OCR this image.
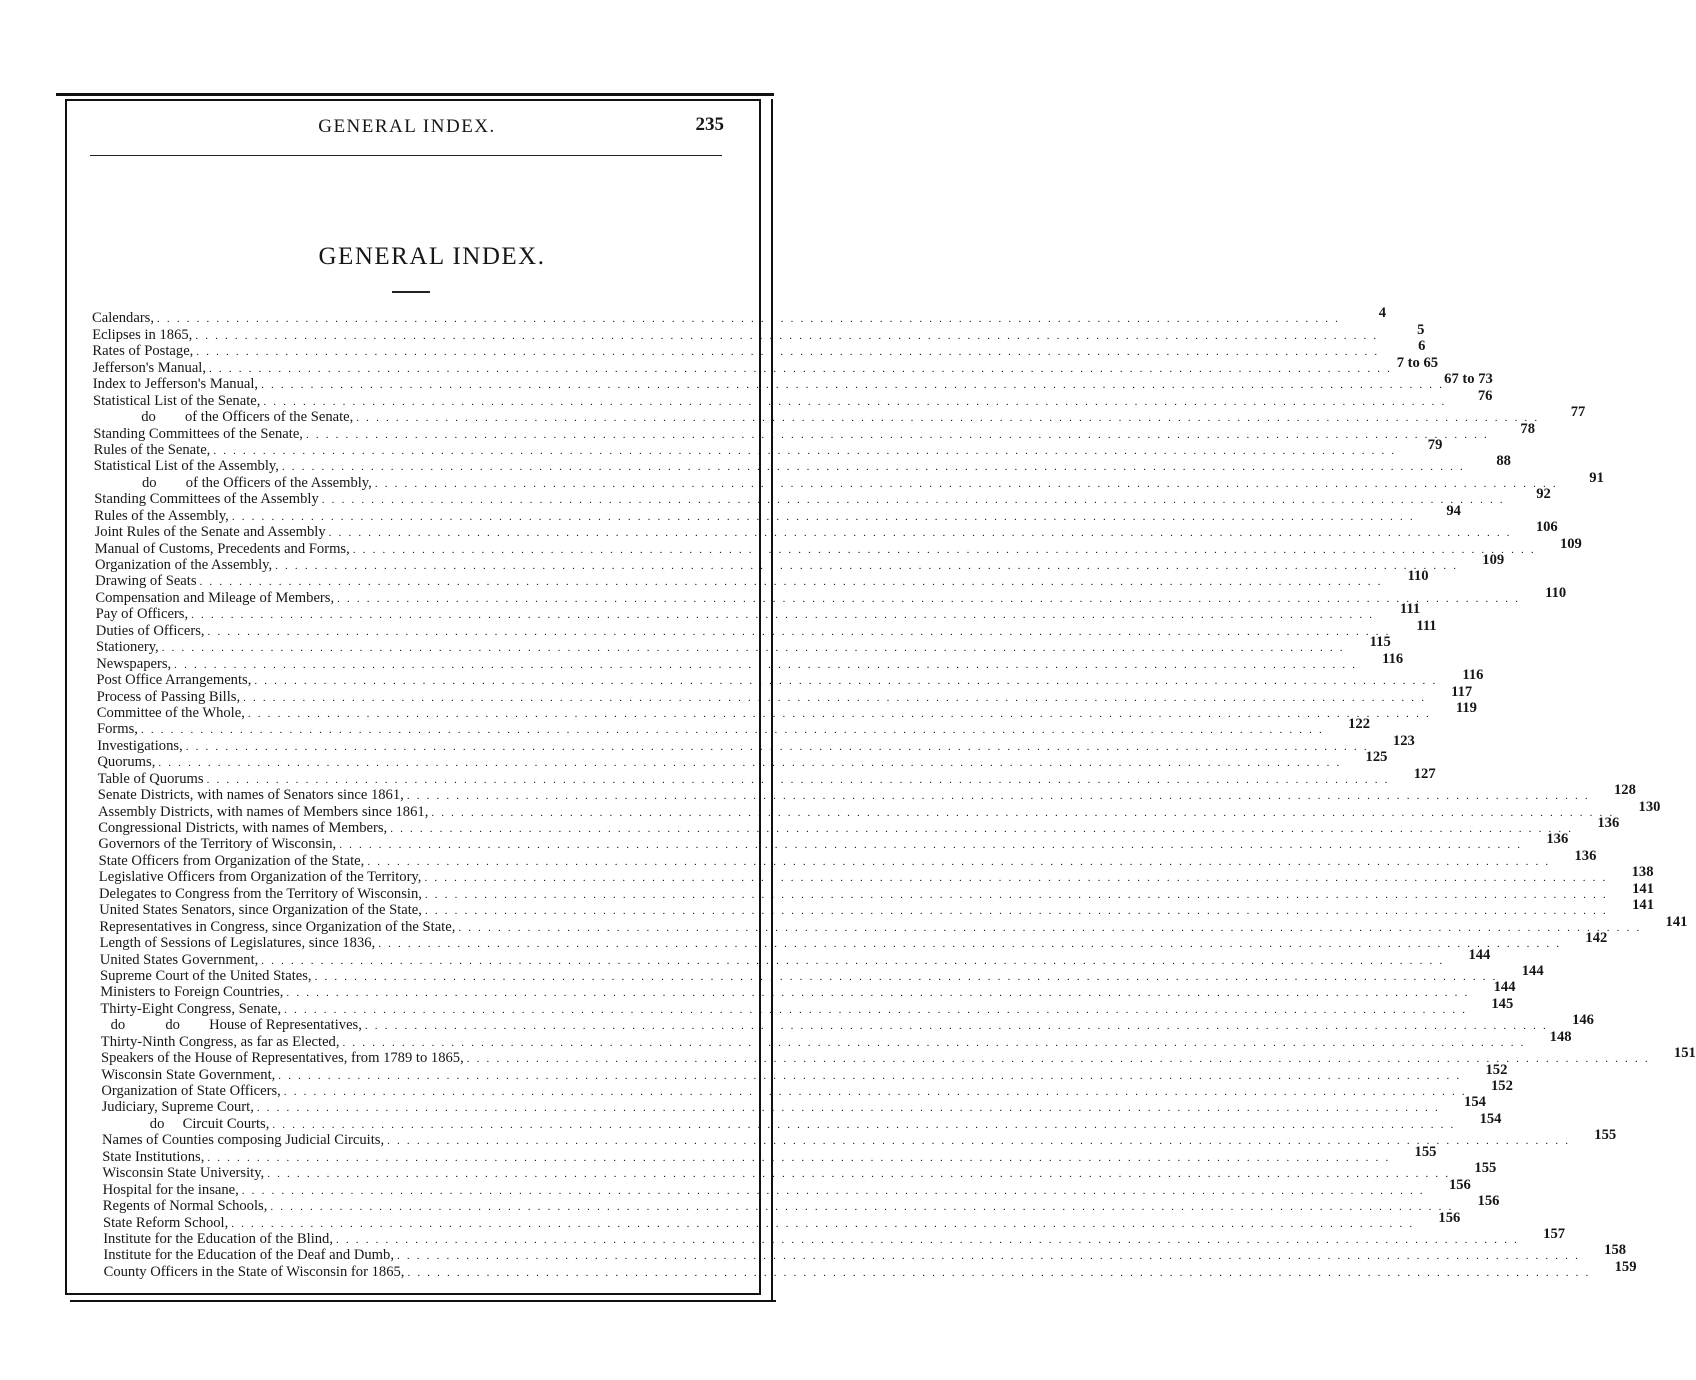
GENERAL INDEX.	235
GENERAL INDEX.
Calendars, . . . . . . . . . . . . . . . . . . . . . . . . . . . . . . . . . . . . . . . . . . . . . . . . . . . . . . . . . . . . . . . . . . . . . . . . . . . . . . . . . . . . . . . . . . . . . . . . . . . . . . . . . . . . . . . . . . . . . . . .	4
Eclipses in 1865, . . . . . . . . . . . . . . . . . . . . . . . . . . . . . . . . . . . . . . . . . . . . . . . . . . . . . . . . . . . . . . . . . . . . . . . . . . . . . . . . . . . . . . . . . . . . . . . . . . . . . . . . . . . . . . . . . . . . . . . .	5
Rates of Postage, . . . . . . . . . . . . . . . . . . . . . . . . . . . . . . . . . . . . . . . . . . . . . . . . . . . . . . . . . . . . . . . . . . . . . . . . . . . . . . . . . . . . . . . . . . . . . . . . . . . . . . . . . . . . . . . . . . . . . . . .	6
Jefferson's Manual, . . . . . . . . . . . . . . . . . . . . . . . . . . . . . . . . . . . . . . . . . . . . . . . . . . . . . . . . . . . . . . . . . . . . . . . . . . . . . . . . . . . . . . . . . . . . . . . . . . . . . . . . . . . . . . . . . . . . . . . . 7 to 65
Index to Jefferson's Manual, . . . . . . . . . . . . . . . . . . . . . . . . . . . . . . . . . . . . . . . . . . . . . . . . . . . . . . . . . . . . . . . . . . . . . . . . . . . . . . . . . . . . . . . . . . . . . . . . . . . . . . . . . . . . . . . . . . . . . . . . 67 to 73
Statistical List of the Senate, . . . . . . . . . . . . . . . . . . . . . . . . . . . . . . . . . . . . . . . . . . . . . . . . . . . . . . . . . . . . . . . . . . . . . . . . . . . . . . . . . . . . . . . . . . . . . . . . . . . . . . . . . . . . . . . . . . . . . . . .	76
do        of the Officers of the Senate, . . . . . . . . . . . . . . . . . . . . . . . . . . . . . . . . . . . . . . . . . . . . . . . . . . . . . . . . . . . . . . . . . . . . . . . . . . . . . . . . . . . . . . . . . . . . . . . . . . . . . . . . . . . . . . . . . . . . . . . .	77
Standing Committees of the Senate, . . . . . . . . . . . . . . . . . . . . . . . . . . . . . . . . . . . . . . . . . . . . . . . . . . . . . . . . . . . . . . . . . . . . . . . . . . . . . . . . . . . . . . . . . . . . . . . . . . . . . . . . . . . . . . . . . . . . . . . .	78
Rules of the Senate, . . . . . . . . . . . . . . . . . . . . . . . . . . . . . . . . . . . . . . . . . . . . . . . . . . . . . . . . . . . . . . . . . . . . . . . . . . . . . . . . . . . . . . . . . . . . . . . . . . . . . . . . . . . . . . . . . . . . . . . .	79
Statistical List of the Assembly, . . . . . . . . . . . . . . . . . . . . . . . . . . . . . . . . . . . . . . . . . . . . . . . . . . . . . . . . . . . . . . . . . . . . . . . . . . . . . . . . . . . . . . . . . . . . . . . . . . . . . . . . . . . . . . . . . . . . . . . .	88
do        of the Officers of the Assembly, . . . . . . . . . . . . . . . . . . . . . . . . . . . . . . . . . . . . . . . . . . . . . . . . . . . . . . . . . . . . . . . . . . . . . . . . . . . . . . . . . . . . . . . . . . . . . . . . . . . . . . . . . . . . . . . . . . . . . . . .	91
Standing Committees of the Assembly . . . . . . . . . . . . . . . . . . . . . . . . . . . . . . . . . . . . . . . . . . . . . . . . . . . . . . . . . . . . . . . . . . . . . . . . . . . . . . . . . . . . . . . . . . . . . . . . . . . . . . . . . . . . . . . . . . . . . . . .	92
Rules of the Assembly, . . . . . . . . . . . . . . . . . . . . . . . . . . . . . . . . . . . . . . . . . . . . . . . . . . . . . . . . . . . . . . . . . . . . . . . . . . . . . . . . . . . . . . . . . . . . . . . . . . . . . . . . . . . . . . . . . . . . . . . .	94
Joint Rules of the Senate and Assembly . . . . . . . . . . . . . . . . . . . . . . . . . . . . . . . . . . . . . . . . . . . . . . . . . . . . . . . . . . . . . . . . . . . . . . . . . . . . . . . . . . . . . . . . . . . . . . . . . . . . . . . . . . . . . . . . . . . . . . . .	106
Manual of Customs, Precedents and Forms, . . . . . . . . . . . . . . . . . . . . . . . . . . . . . . . . . . . . . . . . . . . . . . . . . . . . . . . . . . . . . . . . . . . . . . . . . . . . . . . . . . . . . . . . . . . . . . . . . . . . . . . . . . . . . . . . . . . . . . . .	109
Organization of the Assembly, . . . . . . . . . . . . . . . . . . . . . . . . . . . . . . . . . . . . . . . . . . . . . . . . . . . . . . . . . . . . . . . . . . . . . . . . . . . . . . . . . . . . . . . . . . . . . . . . . . . . . . . . . . . . . . . . . . . . . . . .	109
Drawing of Seats . . . . . . . . . . . . . . . . . . . . . . . . . . . . . . . . . . . . . . . . . . . . . . . . . . . . . . . . . . . . . . . . . . . . . . . . . . . . . . . . . . . . . . . . . . . . . . . . . . . . . . . . . . . . . . . . . . . . . . . .	110
Compensation and Mileage of Members, . . . . . . . . . . . . . . . . . . . . . . . . . . . . . . . . . . . . . . . . . . . . . . . . . . . . . . . . . . . . . . . . . . . . . . . . . . . . . . . . . . . . . . . . . . . . . . . . . . . . . . . . . . . . . . . . . . . . . . . .	110
Pay of Officers, . . . . . . . . . . . . . . . . . . . . . . . . . . . . . . . . . . . . . . . . . . . . . . . . . . . . . . . . . . . . . . . . . . . . . . . . . . . . . . . . . . . . . . . . . . . . . . . . . . . . . . . . . . . . . . . . . . . . . . . .	111
Duties of Officers, . . . . . . . . . . . . . . . . . . . . . . . . . . . . . . . . . . . . . . . . . . . . . . . . . . . . . . . . . . . . . . . . . . . . . . . . . . . . . . . . . . . . . . . . . . . . . . . . . . . . . . . . . . . . . . . . . . . . . . . .	111
Stationery, . . . . . . . . . . . . . . . . . . . . . . . . . . . . . . . . . . . . . . . . . . . . . . . . . . . . . . . . . . . . . . . . . . . . . . . . . . . . . . . . . . . . . . . . . . . . . . . . . . . . . . . . . . . . . . . . . . . . . . . .	115
Newspapers, . . . . . . . . . . . . . . . . . . . . . . . . . . . . . . . . . . . . . . . . . . . . . . . . . . . . . . . . . . . . . . . . . . . . . . . . . . . . . . . . . . . . . . . . . . . . . . . . . . . . . . . . . . . . . . . . . . . . . . . .	116
Post Office Arrangements, . . . . . . . . . . . . . . . . . . . . . . . . . . . . . . . . . . . . . . . . . . . . . . . . . . . . . . . . . . . . . . . . . . . . . . . . . . . . . . . . . . . . . . . . . . . . . . . . . . . . . . . . . . . . . . . . . . . . . . . .	116
Process of Passing Bills, . . . . . . . . . . . . . . . . . . . . . . . . . . . . . . . . . . . . . . . . . . . . . . . . . . . . . . . . . . . . . . . . . . . . . . . . . . . . . . . . . . . . . . . . . . . . . . . . . . . . . . . . . . . . . . . . . . . . . . . .	117
Committee of the Whole, . . . . . . . . . . . . . . . . . . . . . . . . . . . . . . . . . . . . . . . . . . . . . . . . . . . . . . . . . . . . . . . . . . . . . . . . . . . . . . . . . . . . . . . . . . . . . . . . . . . . . . . . . . . . . . . . . . . . . . . .	119
Forms, . . . . . . . . . . . . . . . . . . . . . . . . . . . . . . . . . . . . . . . . . . . . . . . . . . . . . . . . . . . . . . . . . . . . . . . . . . . . . . . . . . . . . . . . . . . . . . . . . . . . . . . . . . . . . . . . . . . . . . . .	122
Investigations, . . . . . . . . . . . . . . . . . . . . . . . . . . . . . . . . . . . . . . . . . . . . . . . . . . . . . . . . . . . . . . . . . . . . . . . . . . . . . . . . . . . . . . . . . . . . . . . . . . . . . . . . . . . . . . . . . . . . . . . .	123
Quorums, . . . . . . . . . . . . . . . . . . . . . . . . . . . . . . . . . . . . . . . . . . . . . . . . . . . . . . . . . . . . . . . . . . . . . . . . . . . . . . . . . . . . . . . . . . . . . . . . . . . . . . . . . . . . . . . . . . . . . . . .	125
Table of Quorums . . . . . . . . . . . . . . . . . . . . . . . . . . . . . . . . . . . . . . . . . . . . . . . . . . . . . . . . . . . . . . . . . . . . . . . . . . . . . . . . . . . . . . . . . . . . . . . . . . . . . . . . . . . . . . . . . . . . . . . .	127
Senate Districts, with names of Senators since 1861, . . . . . . . . . . . . . . . . . . . . . . . . . . . . . . . . . . . . . . . . . . . . . . . . . . . . . . . . . . . . . . . . . . . . . . . . . . . . . . . . . . . . . . . . . . . . . . . . . . . . . . . . . . . . . . . . . . . . . . . .	128
Assembly Districts, with names of Members since 1861, . . . . . . . . . . . . . . . . . . . . . . . . . . . . . . . . . . . . . . . . . . . . . . . . . . . . . . . . . . . . . . . . . . . . . . . . . . . . . . . . . . . . . . . . . . . . . . . . . . . . . . . . . . . . . . . . . . . . . . . .	130
Congressional Districts, with names of Members, . . . . . . . . . . . . . . . . . . . . . . . . . . . . . . . . . . . . . . . . . . . . . . . . . . . . . . . . . . . . . . . . . . . . . . . . . . . . . . . . . . . . . . . . . . . . . . . . . . . . . . . . . . . . . . . . . . . . . . . .	136
Governors of the Territory of Wisconsin, . . . . . . . . . . . . . . . . . . . . . . . . . . . . . . . . . . . . . . . . . . . . . . . . . . . . . . . . . . . . . . . . . . . . . . . . . . . . . . . . . . . . . . . . . . . . . . . . . . . . . . . . . . . . . . . . . . . . . . . .	136
State Officers from Organization of the State, . . . . . . . . . . . . . . . . . . . . . . . . . . . . . . . . . . . . . . . . . . . . . . . . . . . . . . . . . . . . . . . . . . . . . . . . . . . . . . . . . . . . . . . . . . . . . . . . . . . . . . . . . . . . . . . . . . . . . . . .	136
Legislative Officers from Organization of the Territory, . . . . . . . . . . . . . . . . . . . . . . . . . . . . . . . . . . . . . . . . . . . . . . . . . . . . . . . . . . . . . . . . . . . . . . . . . . . . . . . . . . . . . . . . . . . . . . . . . . . . . . . . . . . . . . . . . . . . . . . .	138
Delegates to Congress from the Territory of Wisconsin, . . . . . . . . . . . . . . . . . . . . . . . . . . . . . . . . . . . . . . . . . . . . . . . . . . . . . . . . . . . . . . . . . . . . . . . . . . . . . . . . . . . . . . . . . . . . . . . . . . . . . . . . . . . . . . . . . . . . . . . .	141
United States Senators, since Organization of the State, . . . . . . . . . . . . . . . . . . . . . . . . . . . . . . . . . . . . . . . . . . . . . . . . . . . . . . . . . . . . . . . . . . . . . . . . . . . . . . . . . . . . . . . . . . . . . . . . . . . . . . . . . . . . . . . . . . . . . . . .	141
Representatives in Congress, since Organization of the State, . . . . . . . . . . . . . . . . . . . . . . . . . . . . . . . . . . . . . . . . . . . . . . . . . . . . . . . . . . . . . . . . . . . . . . . . . . . . . . . . . . . . . . . . . . . . . . . . . . . . . . . . . . . . . . . . . . . . . . . .	141
Length of Sessions of Legislatures, since 1836, . . . . . . . . . . . . . . . . . . . . . . . . . . . . . . . . . . . . . . . . . . . . . . . . . . . . . . . . . . . . . . . . . . . . . . . . . . . . . . . . . . . . . . . . . . . . . . . . . . . . . . . . . . . . . . . . . . . . . . . .	142
United States Government, . . . . . . . . . . . . . . . . . . . . . . . . . . . . . . . . . . . . . . . . . . . . . . . . . . . . . . . . . . . . . . . . . . . . . . . . . . . . . . . . . . . . . . . . . . . . . . . . . . . . . . . . . . . . . . . . . . . . . . . .	144
Supreme Court of the United States, . . . . . . . . . . . . . . . . . . . . . . . . . . . . . . . . . . . . . . . . . . . . . . . . . . . . . . . . . . . . . . . . . . . . . . . . . . . . . . . . . . . . . . . . . . . . . . . . . . . . . . . . . . . . . . . . . . . . . . . .	144
Ministers to Foreign Countries, . . . . . . . . . . . . . . . . . . . . . . . . . . . . . . . . . . . . . . . . . . . . . . . . . . . . . . . . . . . . . . . . . . . . . . . . . . . . . . . . . . . . . . . . . . . . . . . . . . . . . . . . . . . . . . . . . . . . . . . .	144
Thirty-Eight Congress, Senate, . . . . . . . . . . . . . . . . . . . . . . . . . . . . . . . . . . . . . . . . . . . . . . . . . . . . . . . . . . . . . . . . . . . . . . . . . . . . . . . . . . . . . . . . . . . . . . . . . . . . . . . . . . . . . . . . . . . . . . . .	145
do           do        House of Representatives, . . . . . . . . . . . . . . . . . . . . . . . . . . . . . . . . . . . . . . . . . . . . . . . . . . . . . . . . . . . . . . . . . . . . . . . . . . . . . . . . . . . . . . . . . . . . . . . . . . . . . . . . . . . . . . . . . . . . . . . .	146
Thirty-Ninth Congress, as far as Elected, . . . . . . . . . . . . . . . . . . . . . . . . . . . . . . . . . . . . . . . . . . . . . . . . . . . . . . . . . . . . . . . . . . . . . . . . . . . . . . . . . . . . . . . . . . . . . . . . . . . . . . . . . . . . . . . . . . . . . . . .	148
Speakers of the House of Representatives, from 1789 to 1865, . . . . . . . . . . . . . . . . . . . . . . . . . . . . . . . . . . . . . . . . . . . . . . . . . . . . . . . . . . . . . . . . . . . . . . . . . . . . . . . . . . . . . . . . . . . . . . . . . . . . . . . . . . . . . . . . . . . . . . . .	151
Wisconsin State Government, . . . . . . . . . . . . . . . . . . . . . . . . . . . . . . . . . . . . . . . . . . . . . . . . . . . . . . . . . . . . . . . . . . . . . . . . . . . . . . . . . . . . . . . . . . . . . . . . . . . . . . . . . . . . . . . . . . . . . . . .	152
Organization of State Officers, . . . . . . . . . . . . . . . . . . . . . . . . . . . . . . . . . . . . . . . . . . . . . . . . . . . . . . . . . . . . . . . . . . . . . . . . . . . . . . . . . . . . . . . . . . . . . . . . . . . . . . . . . . . . . . . . . . . . . . . .	152
Judiciary, Supreme Court, . . . . . . . . . . . . . . . . . . . . . . . . . . . . . . . . . . . . . . . . . . . . . . . . . . . . . . . . . . . . . . . . . . . . . . . . . . . . . . . . . . . . . . . . . . . . . . . . . . . . . . . . . . . . . . . . . . . . . . . .	154
do     Circuit Courts, . . . . . . . . . . . . . . . . . . . . . . . . . . . . . . . . . . . . . . . . . . . . . . . . . . . . . . . . . . . . . . . . . . . . . . . . . . . . . . . . . . . . . . . . . . . . . . . . . . . . . . . . . . . . . . . . . . . . . . . .	154
Names of Counties composing Judicial Circuits, . . . . . . . . . . . . . . . . . . . . . . . . . . . . . . . . . . . . . . . . . . . . . . . . . . . . . . . . . . . . . . . . . . . . . . . . . . . . . . . . . . . . . . . . . . . . . . . . . . . . . . . . . . . . . . . . . . . . . . . .	155
State Institutions, . . . . . . . . . . . . . . . . . . . . . . . . . . . . . . . . . . . . . . . . . . . . . . . . . . . . . . . . . . . . . . . . . . . . . . . . . . . . . . . . . . . . . . . . . . . . . . . . . . . . . . . . . . . . . . . . . . . . . . . .	155
Wisconsin State University, . . . . . . . . . . . . . . . . . . . . . . . . . . . . . . . . . . . . . . . . . . . . . . . . . . . . . . . . . . . . . . . . . . . . . . . . . . . . . . . . . . . . . . . . . . . . . . . . . . . . . . . . . . . . . . . . . . . . . . . .	155
Hospital for the insane, . . . . . . . . . . . . . . . . . . . . . . . . . . . . . . . . . . . . . . . . . . . . . . . . . . . . . . . . . . . . . . . . . . . . . . . . . . . . . . . . . . . . . . . . . . . . . . . . . . . . . . . . . . . . . . . . . . . . . . . .	156
Regents of Normal Schools, . . . . . . . . . . . . . . . . . . . . . . . . . . . . . . . . . . . . . . . . . . . . . . . . . . . . . . . . . . . . . . . . . . . . . . . . . . . . . . . . . . . . . . . . . . . . . . . . . . . . . . . . . . . . . . . . . . . . . . . .	156
State Reform School, . . . . . . . . . . . . . . . . . . . . . . . . . . . . . . . . . . . . . . . . . . . . . . . . . . . . . . . . . . . . . . . . . . . . . . . . . . . . . . . . . . . . . . . . . . . . . . . . . . . . . . . . . . . . . . . . . . . . . . . .	156
Institute for the Education of the Blind, . . . . . . . . . . . . . . . . . . . . . . . . . . . . . . . . . . . . . . . . . . . . . . . . . . . . . . . . . . . . . . . . . . . . . . . . . . . . . . . . . . . . . . . . . . . . . . . . . . . . . . . . . . . . . . . . . . . . . . . .	157
Institute for the Education of the Deaf and Dumb, . . . . . . . . . . . . . . . . . . . . . . . . . . . . . . . . . . . . . . . . . . . . . . . . . . . . . . . . . . . . . . . . . . . . . . . . . . . . . . . . . . . . . . . . . . . . . . . . . . . . . . . . . . . . . . . . . . . . . . . .	158
County Officers in the State of Wisconsin for 1865, . . . . . . . . . . . . . . . . . . . . . . . . . . . . . . . . . . . . . . . . . . . . . . . . . . . . . . . . . . . . . . . . . . . . . . . . . . . . . . . . . . . . . . . . . . . . . . . . . . . . . . . . . . . . . . . . . . . . . . . .	159
